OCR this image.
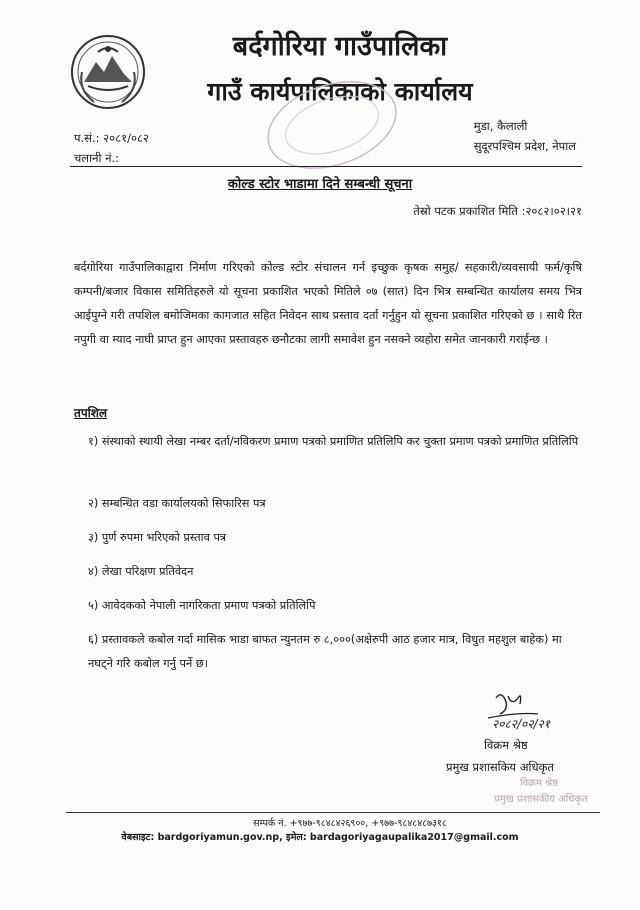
बर्दगोरिया गाउँपालिका
गाउँ कार्यपालिकाको कार्यालय
प.सं.: २०८१/०८२
चलानी नं.:
मुडा, कैलाली
सुदूरपश्चिम प्रदेश, नेपाल
कोल्ड स्टोर भाडामा दिने सम्बन्धी सूचना
तेस्रो पटक प्रकाशित मिति :२०८२।०२।२१
बर्दगोरिया गाउँपालिकाद्वारा निर्माण गरिएको कोल्ड स्टोर संचालन गर्न इच्छुक कृषक समुह/ सहकारी/व्यवसायी फर्म/कृषि कम्पनी/बजार विकास समितिहरुले यो सूचना प्रकाशित भएको मितिले ०७ (सात) दिन भित्र सम्बन्धित कार्यालय समय भित्र आईपुग्ने गरी तपशिल बमोजिमका कागजात सहित निवेदन साथ प्रस्ताव दर्ता गर्नुहुन यो सूचना प्रकाशित गरिएको छ । साथै रित नपुगी वा म्याद नाघी प्राप्त हुन आएका प्रस्तावहरु छनौटका लागी समावेश हुन नसक्ने व्यहोरा समेत जानकारी गराईन्छ ।
तपशिल
१) संस्थाको स्थायी लेखा नम्बर दर्ता/नविकरण प्रमाण पत्रको प्रमाणित प्रतिलिपि कर चुक्ता प्रमाण पत्रको प्रमाणित प्रतिलिपि
२) सम्बन्धित वडा कार्यालयको सिफारिस पत्र
३) पुर्ण रुपमा भरिएको प्रस्ताव पत्र
४) लेखा परिक्षण प्रतिवेदन
५) आवेदकको नेपाली नागरिकता प्रमाण पत्रको प्रतिलिपि
६) प्रस्तावकले कबोल गर्दा मासिक भाडा बाफत न्युनतम रु ८,०००(अक्षेरुपी आठ हजार मात्र, विधुत महशुल बाहेक) मा नघट्ने गरि कबोल गर्नु पर्ने छ।
२०८२/०२/२१
विक्रम श्रेष्ठ
प्रमुख प्रशासकिय अधिकृत
विक्रम श्रेष्ठ
प्रमुख प्रशासकीय अधिकृत
सम्पर्क नं. +९७७-९८४८४२६९००, +९७७-९८४८४८७३१८
वेबसाइट: bardgoriyamun.gov.np, इमेल: bardagoriyagaupalika2017@gmail.com
